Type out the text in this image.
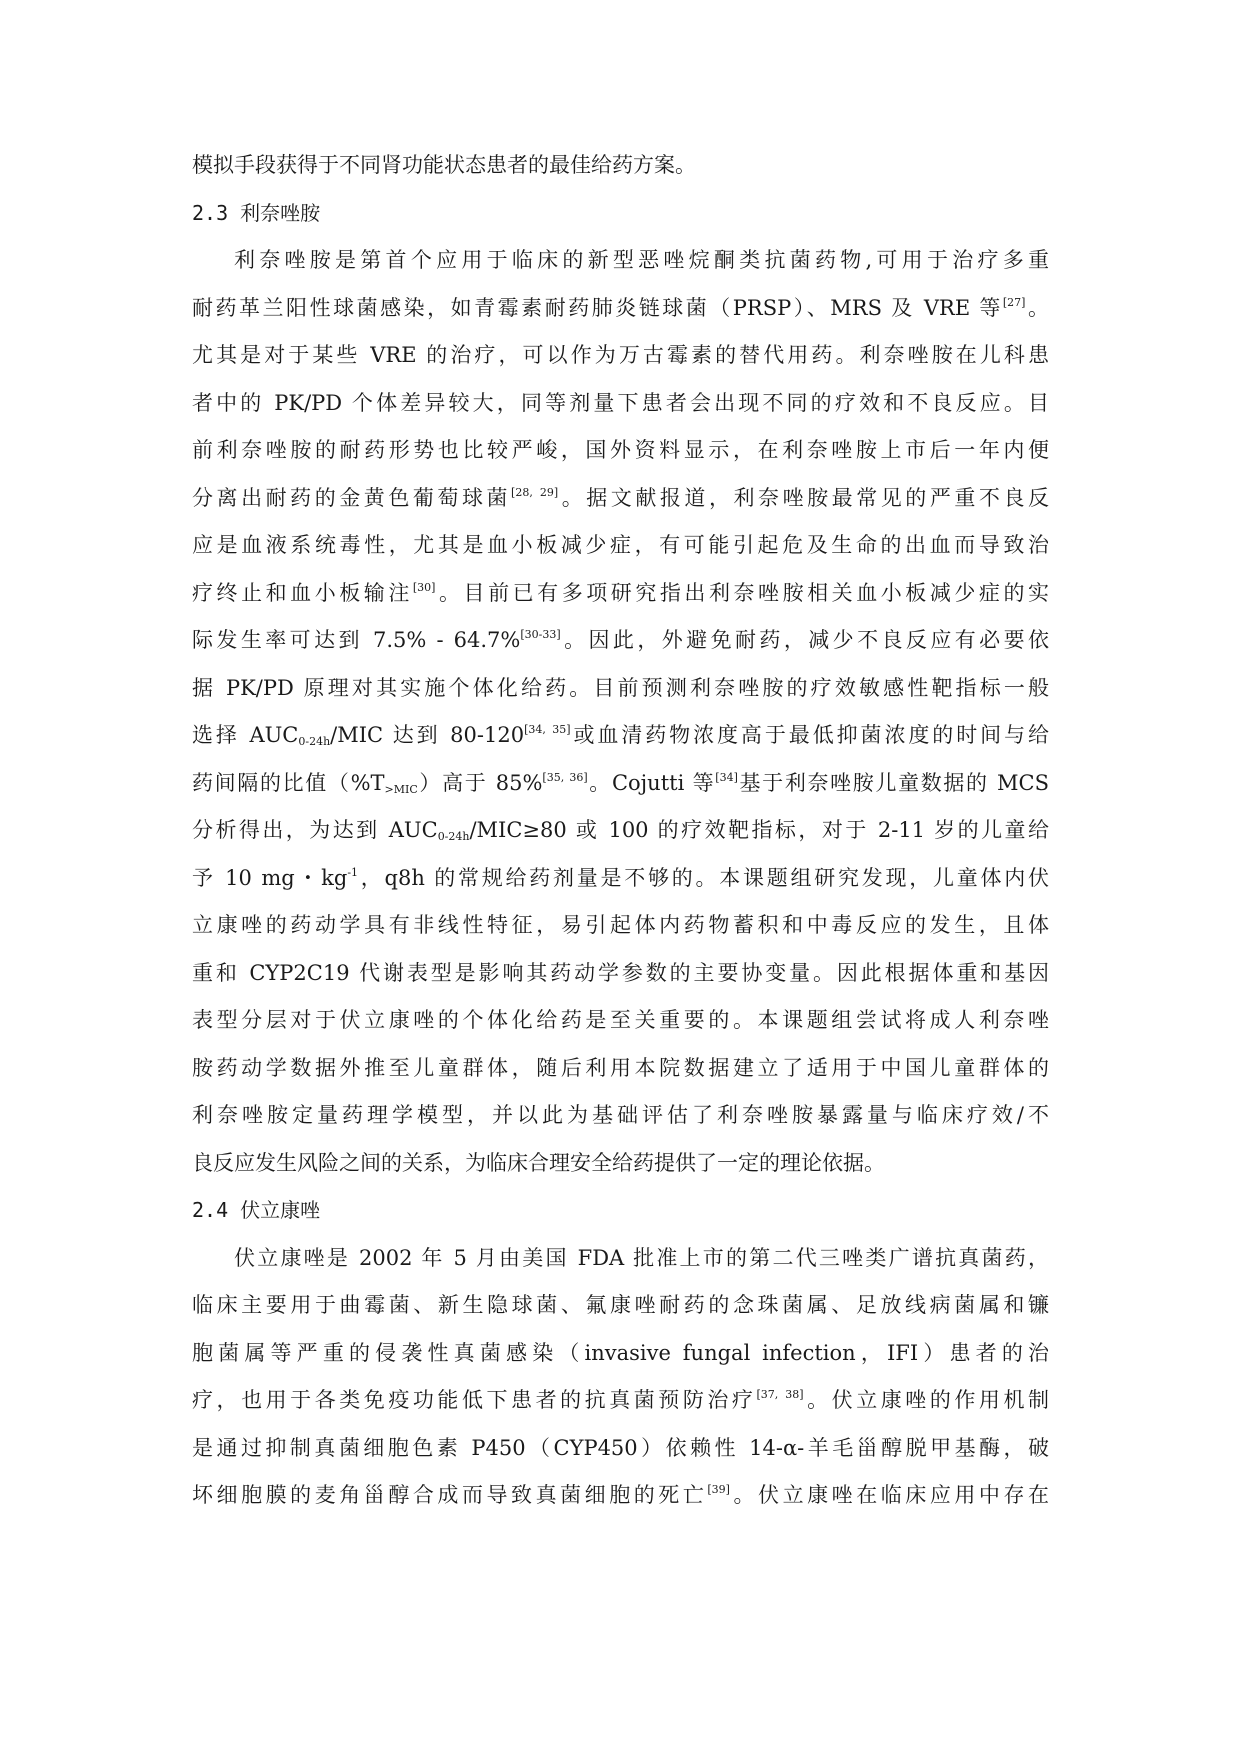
模拟手段获得于不同肾功能状态患者的最佳给药方案。
2.3 利奈唑胺
利奈唑胺是第首个应用于临床的新型恶唑烷酮类抗菌药物,可用于治疗多重
耐药革兰阳性球菌感染，如青霉素耐药肺炎链球菌（PRSP）、MRS 及 VRE 等[27]。
尤其是对于某些 VRE 的治疗，可以作为万古霉素的替代用药。利奈唑胺在儿科患
者中的 PK/PD 个体差异较大，同等剂量下患者会出现不同的疗效和不良反应。目
前利奈唑胺的耐药形势也比较严峻，国外资料显示，在利奈唑胺上市后一年内便
分离出耐药的金黄色葡萄球菌[28, 29]。据文献报道，利奈唑胺最常见的严重不良反
应是血液系统毒性，尤其是血小板减少症，有可能引起危及生命的出血而导致治
疗终止和血小板输注[30]。目前已有多项研究指出利奈唑胺相关血小板减少症的实
际发生率可达到 7.5% - 64.7%[30-33]。因此，外避免耐药，减少不良反应有必要依
据 PK/PD 原理对其实施个体化给药。目前预测利奈唑胺的疗效敏感性靶指标一般
选择 $AUC_{0-24h}$/MIC 达到 80-120[34, 35]或血清药物浓度高于最低抑菌浓度的时间与给
药间隔的比值$(\%T_{>MIC})$高于 85%[35, 36]。Cojutti 等[34]基于利奈唑胺儿童数据的 MCS
分析得出，为达到 $AUC_{0-24h}/MIC\ge 80$ 或 100 的疗效靶指标，对于 2-11 岁的儿童给
予 10 mg・$kg^{-1}$，q8h 的常规给药剂量是不够的。本课题组研究发现，儿童体内伏
立康唑的药动学具有非线性特征，易引起体内药物蓄积和中毒反应的发生，且体
重和 CYP2C19 代谢表型是影响其药动学参数的主要协变量。因此根据体重和基因
表型分层对于伏立康唑的个体化给药是至关重要的。本课题组尝试将成人利奈唑
胺药动学数据外推至儿童群体，随后利用本院数据建立了适用于中国儿童群体的
利奈唑胺定量药理学模型，并以此为基础评估了利奈唑胺暴露量与临床疗效/不
良反应发生风险之间的关系，为临床合理安全给药提供了一定的理论依据。
2.4 伏立康唑
伏立康唑是 2002 年 5 月由美国 FDA 批准上市的第二代三唑类广谱抗真菌药，
临床主要用于曲霉菌、新生隐球菌、氟康唑耐药的念珠菌属、足放线病菌属和镰
胞菌属等严重的侵袭性真菌感染（invasive fungal infection，IFI）患者的治
疗，也用于各类免疫功能低下患者的抗真菌预防治疗[37, 38]。伏立康唑的作用机制
是通过抑制真菌细胞色素 P450（CYP450）依赖性 14-α-羊毛甾醇脱甲基酶，破
坏细胞膜的麦角甾醇合成而导致真菌细胞的死亡[39]。伏立康唑在临床应用中存在
